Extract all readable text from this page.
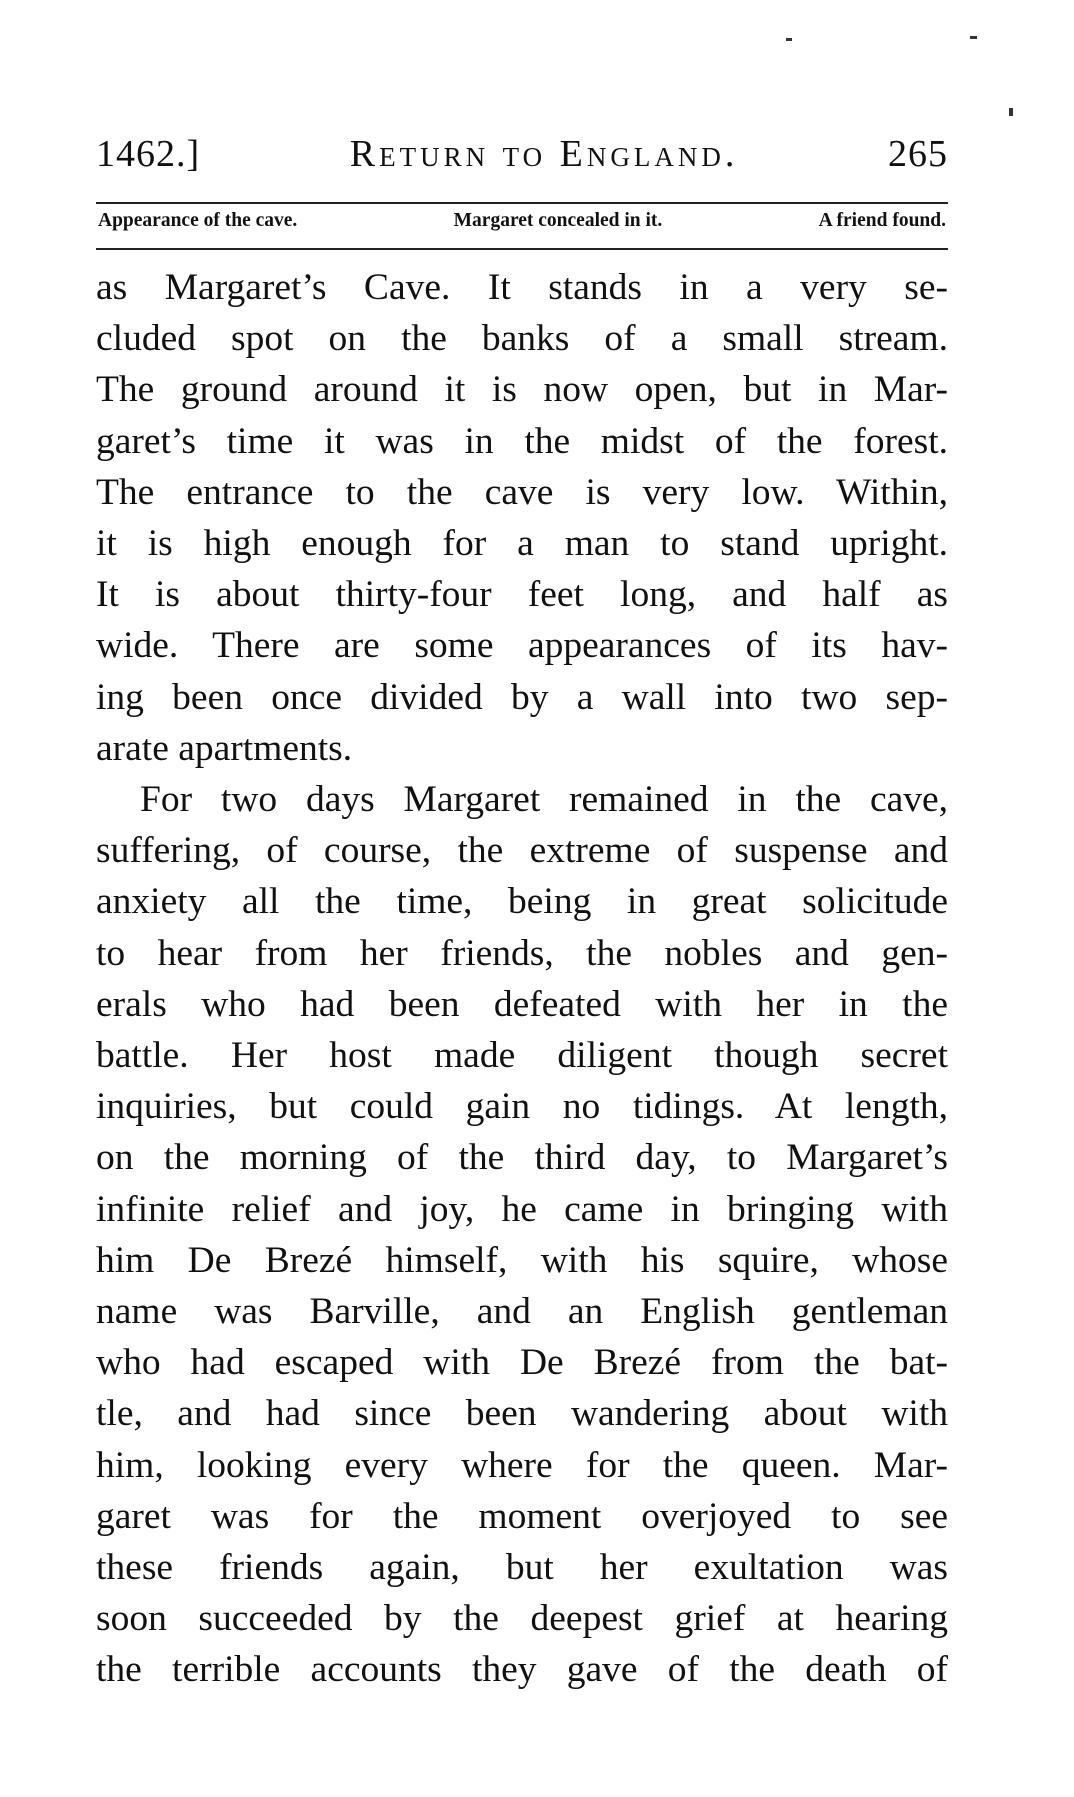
1462.]	Return to England.	265
Appearance of the cave.	Margaret concealed in it.	A friend found.

as Margaret’s Cave. It stands in a very se-
cluded spot on the banks of a small stream.
The ground around it is now open, but in Mar-
garet’s time it was in the midst of the forest.
The entrance to the cave is very low. Within,
it is high enough for a man to stand upright.
It is about thirty-four feet long, and half as
wide. There are some appearances of its hav-
ing been once divided by a wall into two sep-
arate apartments.

For two days Margaret remained in the cave,
suffering, of course, the extreme of suspense and
anxiety all the time, being in great solicitude
to hear from her friends, the nobles and gen-
erals who had been defeated with her in the
battle. Her host made diligent though secret
inquiries, but could gain no tidings. At length,
on the morning of the third day, to Margaret’s
infinite relief and joy, he came in bringing with
him De Brezé himself, with his squire, whose
name was Barville, and an English gentleman
who had escaped with De Brezé from the bat-
tle, and had since been wandering about with
him, looking every where for the queen. Mar-
garet was for the moment overjoyed to see
these friends again, but her exultation was
soon succeeded by the deepest grief at hearing
the terrible accounts they gave of the death of
